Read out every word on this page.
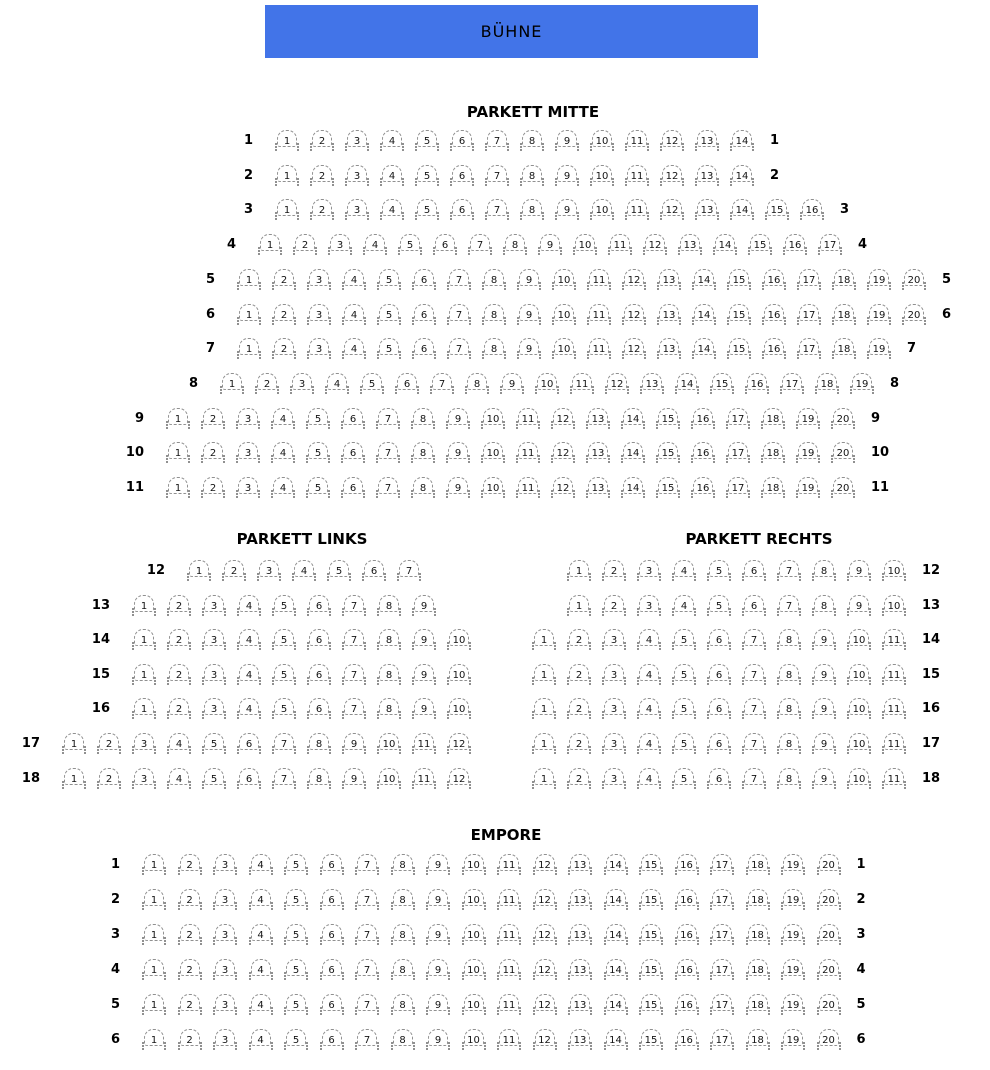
BÜHNE
PARKETT MITTE
1	1	2	3	4	5	6	7	8	9	10 11 12 13 14 1
2	1	2	3	4	5	6	7	8	9	10 11 12 13 14 2
3	1	2	3	4	5	6	7	8	9	10 11 12 13 14 15 16 3
4	1	2	3	4	5	6	7	8	9	10 11 12 13 14 15 16 17 4
5	1	2	3	4	5	6	7	8	9	10 11 12 13 14 15 16 17 18 19 20 5
6	1	2	3	4	5	6	7	8	9	10 11 12 13 14 15 16 17 18 19 20 6
7	1	2	3	4	5	6	7	8	9	10 11 12 13 14 15 16 17 18 19 7
8	1	2	3	4	5	6	7	8	9	10 11 12 13 14 15 16 17 18 19 8
9	1	2	3	4	5	6	7	8	9	10 11 12 13 14 15 16 17 18 19 20 9
10	1	2	3	4	5	6	7	8	9	10 11 12 13 14 15 16 17 18 19 20 10
11	1	2	3	4	5	6	7	8	9	10 11 12 13 14 15 16 17 18 19 20 11
PARKETT LINKS
12	1	2	3	4	5	6	7
13	1	2	3	4	5	6	7	8	9
14	1	2	3	4	5	6	7	8	9	10
15	1	2	3	4	5	6	7	8	9	10
16	1	2	3	4	5	6	7	8	9	10
17	1	2	3	4	5	6	7	8	9	10 11 12
18	1	2	3	4	5	6	7	8	9	10 11 12
PARKETT RECHTS
1	2	3	4	5	6	7	8	9	10 12
1	2	3	4	5	6	7	8	9	10 13
1	2	3	4	5	6	7	8	9	10 11 14
1	2	3	4	5	6	7	8	9	10 11 15
1	2	3	4	5	6	7	8	9	10 11 16
1	2	3	4	5	6	7	8	9	10 11 17
1	2	3	4	5	6	7	8	9	10 11 18
EMPORE
1	1	2	3	4	5	6	7	8	9	10 11 12 13 14 15 16 17 18 19 20 1
2	1	2	3	4	5	6	7	8	9	10 11 12 13 14 15 16 17 18 19 20 2
3	1	2	3	4	5	6	7	8	9	10 11 12 13 14 15 16 17 18 19 20 3
4	1	2	3	4	5	6	7	8	9	10 11 12 13 14 15 16 17 18 19 20 4
5	1	2	3	4	5	6	7	8	9	10 11 12 13 14 15 16 17 18 19 20 5
6	1	2	3	4	5	6	7	8	9	10 11 12 13 14 15 16 17 18 19 20 6
